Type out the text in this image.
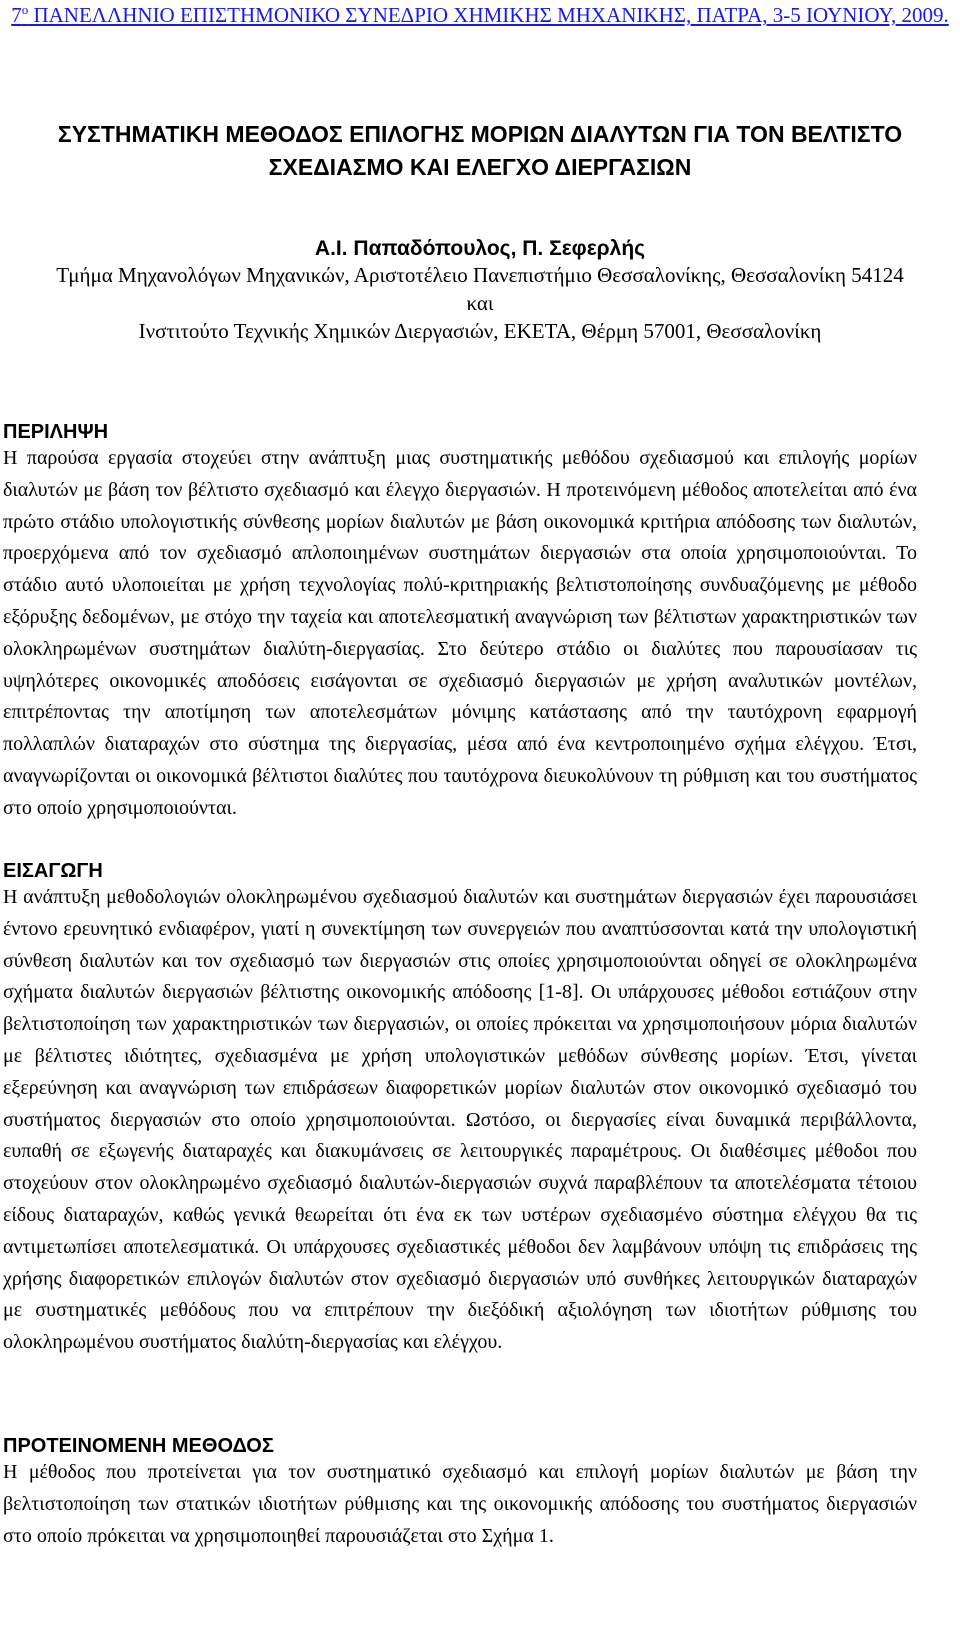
$7^o$ ΠΑΝΕΛΛΗΝΙΟ ΕΠΙΣΤΗΜΟΝΙΚΟ ΣΥΝΕΔΡΙΟ ΧΗΜΙΚΗΣ ΜΗΧΑΝΙΚΗΣ, ΠΑΤΡΑ, 3-5 ΙΟΥΝΙΟΥ, 2009.
ΣΥΣΤΗΜΑΤΙΚΗ ΜΕΘΟΔΟΣ ΕΠΙΛΟΓΗΣ ΜΟΡΙΩΝ ΔΙΑΛΥΤΩΝ ΓΙΑ ΤΟΝ ΒΕΛΤΙΣΤΟ ΣΧΕΔΙΑΣΜΟ ΚΑΙ ΕΛΕΓΧΟ ΔΙΕΡΓΑΣΙΩΝ
Α.Ι. Παπαδόπουλος, Π. Σεφερλής
Τμήμα Μηχανολόγων Μηχανικών, Αριστοτέλειο Πανεπιστήμιο Θεσσαλονίκης, Θεσσαλονίκη 54124
και
Ινστιτούτο Τεχνικής Χημικών Διεργασιών, ΕΚΕΤΑ, Θέρμη 57001, Θεσσαλονίκη
ΠΕΡΙΛΗΨΗ

Η παρούσα εργασία στοχεύει στην ανάπτυξη μιας συστηματικής μεθόδου σχεδιασμού και επιλογής μορίων διαλυτών με βάση τον βέλτιστο σχεδιασμό και έλεγχο διεργασιών. Η προτεινόμενη μέθοδος αποτελείται από ένα πρώτο στάδιο υπολογιστικής σύνθεσης μορίων διαλυτών με βάση οικονομικά κριτήρια απόδοσης των διαλυτών, προερχόμενα από τον σχεδιασμό απλοποιημένων συστημάτων διεργασιών στα οποία χρησιμοποιούνται. Το στάδιο αυτό υλοποιείται με χρήση τεχνολογίας πολύ-κριτηριακής βελτιστοποίησης συνδυαζόμενης με μέθοδο εξόρυξης δεδομένων, με στόχο την ταχεία και αποτελεσματική αναγνώριση των βέλτιστων χαρακτηριστικών των ολοκληρωμένων συστημάτων διαλύτη-διεργασίας. Στο δεύτερο στάδιο οι διαλύτες που παρουσίασαν τις υψηλότερες οικονομικές αποδόσεις εισάγονται σε σχεδιασμό διεργασιών με χρήση αναλυτικών μοντέλων, επιτρέποντας την αποτίμηση των αποτελεσμάτων μόνιμης κατάστασης από την ταυτόχρονη εφαρμογή πολλαπλών διαταραχών στο σύστημα της διεργασίας, μέσα από ένα κεντροποιημένο σχήμα ελέγχου. Έτσι, αναγνωρίζονται οι οικονομικά βέλτιστοι διαλύτες που ταυτόχρονα διευκολύνουν τη ρύθμιση και του συστήματος στο οποίο χρησιμοποιούνται.

ΕΙΣΑΓΩΓΗ

Η ανάπτυξη μεθοδολογιών ολοκληρωμένου σχεδιασμού διαλυτών και συστημάτων διεργασιών έχει παρουσιάσει έντονο ερευνητικό ενδιαφέρον, γιατί η συνεκτίμηση των συνεργειών που αναπτύσσονται κατά την υπολογιστική σύνθεση διαλυτών και τον σχεδιασμό των διεργασιών στις οποίες χρησιμοποιούνται οδηγεί σε ολοκληρωμένα σχήματα διαλυτών διεργασιών βέλτιστης οικονομικής απόδοσης [1-8]. Οι υπάρχουσες μέθοδοι εστιάζουν στην βελτιστοποίηση των χαρακτηριστικών των διεργασιών, οι οποίες πρόκειται να χρησιμοποιήσουν μόρια διαλυτών με βέλτιστες ιδιότητες, σχεδιασμένα με χρήση υπολογιστικών μεθόδων σύνθεσης μορίων. Έτσι, γίνεται εξερεύνηση και αναγνώριση των επιδράσεων διαφορετικών μορίων διαλυτών στον οικονομικό σχεδιασμό του συστήματος διεργασιών στο οποίο χρησιμοποιούνται. Ωστόσο, οι διεργασίες είναι δυναμικά περιβάλλοντα, ευπαθή σε εξωγενής διαταραχές και διακυμάνσεις σε λειτουργικές παραμέτρους. Οι διαθέσιμες μέθοδοι που στοχεύουν στον ολοκληρωμένο σχεδιασμό διαλυτών-διεργασιών συχνά παραβλέπουν τα αποτελέσματα τέτοιου είδους διαταραχών, καθώς γενικά θεωρείται ότι ένα εκ των υστέρων σχεδιασμένο σύστημα ελέγχου θα τις αντιμετωπίσει αποτελεσματικά. Οι υπάρχουσες σχεδιαστικές μέθοδοι δεν λαμβάνουν υπόψη τις επιδράσεις της χρήσης διαφορετικών επιλογών διαλυτών στον σχεδιασμό διεργασιών υπό συνθήκες λειτουργικών διαταραχών με συστηματικές μεθόδους που να επιτρέπουν την διεξόδική αξιολόγηση των ιδιοτήτων ρύθμισης του ολοκληρωμένου συστήματος διαλύτη-διεργασίας και ελέγχου.

ΠΡΟΤΕΙΝΟΜΕΝΗ ΜΕΘΟΔΟΣ

Η μέθοδος που προτείνεται για τον συστηματικό σχεδιασμό και επιλογή μορίων διαλυτών με βάση την βελτιστοποίηση των στατικών ιδιοτήτων ρύθμισης και της οικονομικής απόδοσης του συστήματος διεργασιών στο οποίο πρόκειται να χρησιμοποιηθεί παρουσιάζεται στο Σχήμα 1.
